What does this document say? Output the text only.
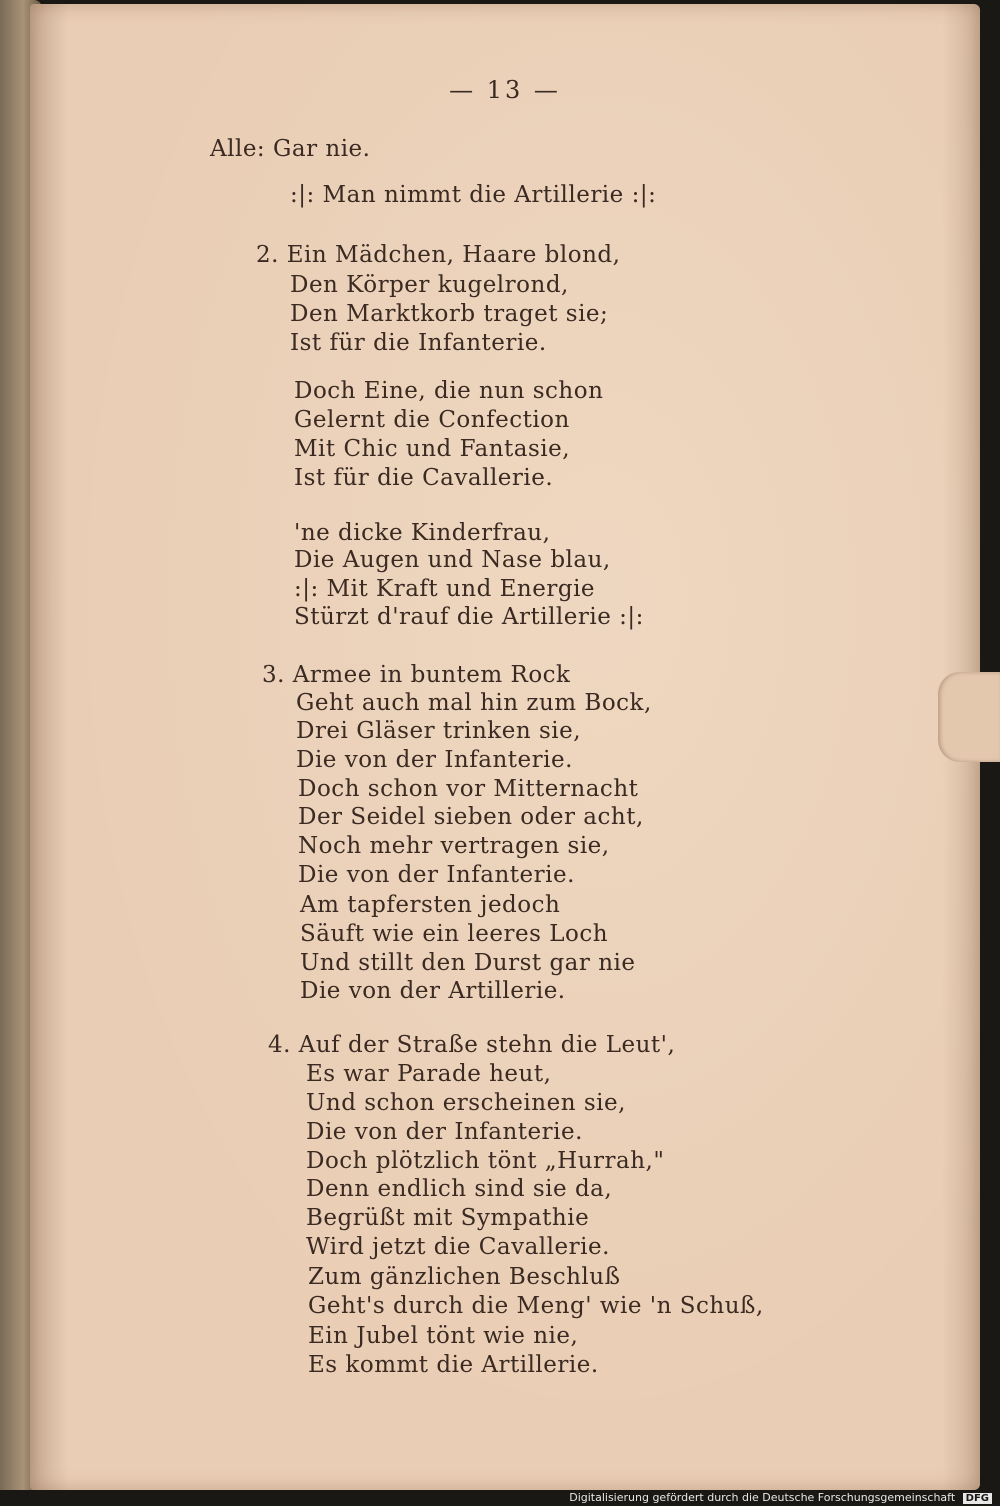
— 13 —
Alle: Gar nie.
:|: Man nimmt die Artillerie :|:
2. Ein Mädchen, Haare blond,
Den Körper kugelrond,
Den Marktkorb traget sie;
Ist für die Infanterie.
Doch Eine, die nun schon
Gelernt die Confection
Mit Chic und Fantasie,
Ist für die Cavallerie.
'ne dicke Kinderfrau,
Die Augen und Nase blau,
:|: Mit Kraft und Energie
Stürzt d'rauf die Artillerie :|:
3. Armee in buntem Rock
Geht auch mal hin zum Bock,
Drei Gläser trinken sie,
Die von der Infanterie.
Doch schon vor Mitternacht
Der Seidel sieben oder acht,
Noch mehr vertragen sie,
Die von der Infanterie.
Am tapfersten jedoch
Säuft wie ein leeres Loch
Und stillt den Durst gar nie
Die von der Artillerie.
4. Auf der Straße stehn die Leut',
Es war Parade heut,
Und schon erscheinen sie,
Die von der Infanterie.
Doch plötzlich tönt „Hurrah,"
Denn endlich sind sie da,
Begrüßt mit Sympathie
Wird jetzt die Cavallerie.
Zum gänzlichen Beschluß
Geht's durch die Meng' wie 'n Schuß,
Ein Jubel tönt wie nie,
Es kommt die Artillerie.
Digitalisierung gefördert durch die Deutsche Forschungsgemeinschaft DFG
